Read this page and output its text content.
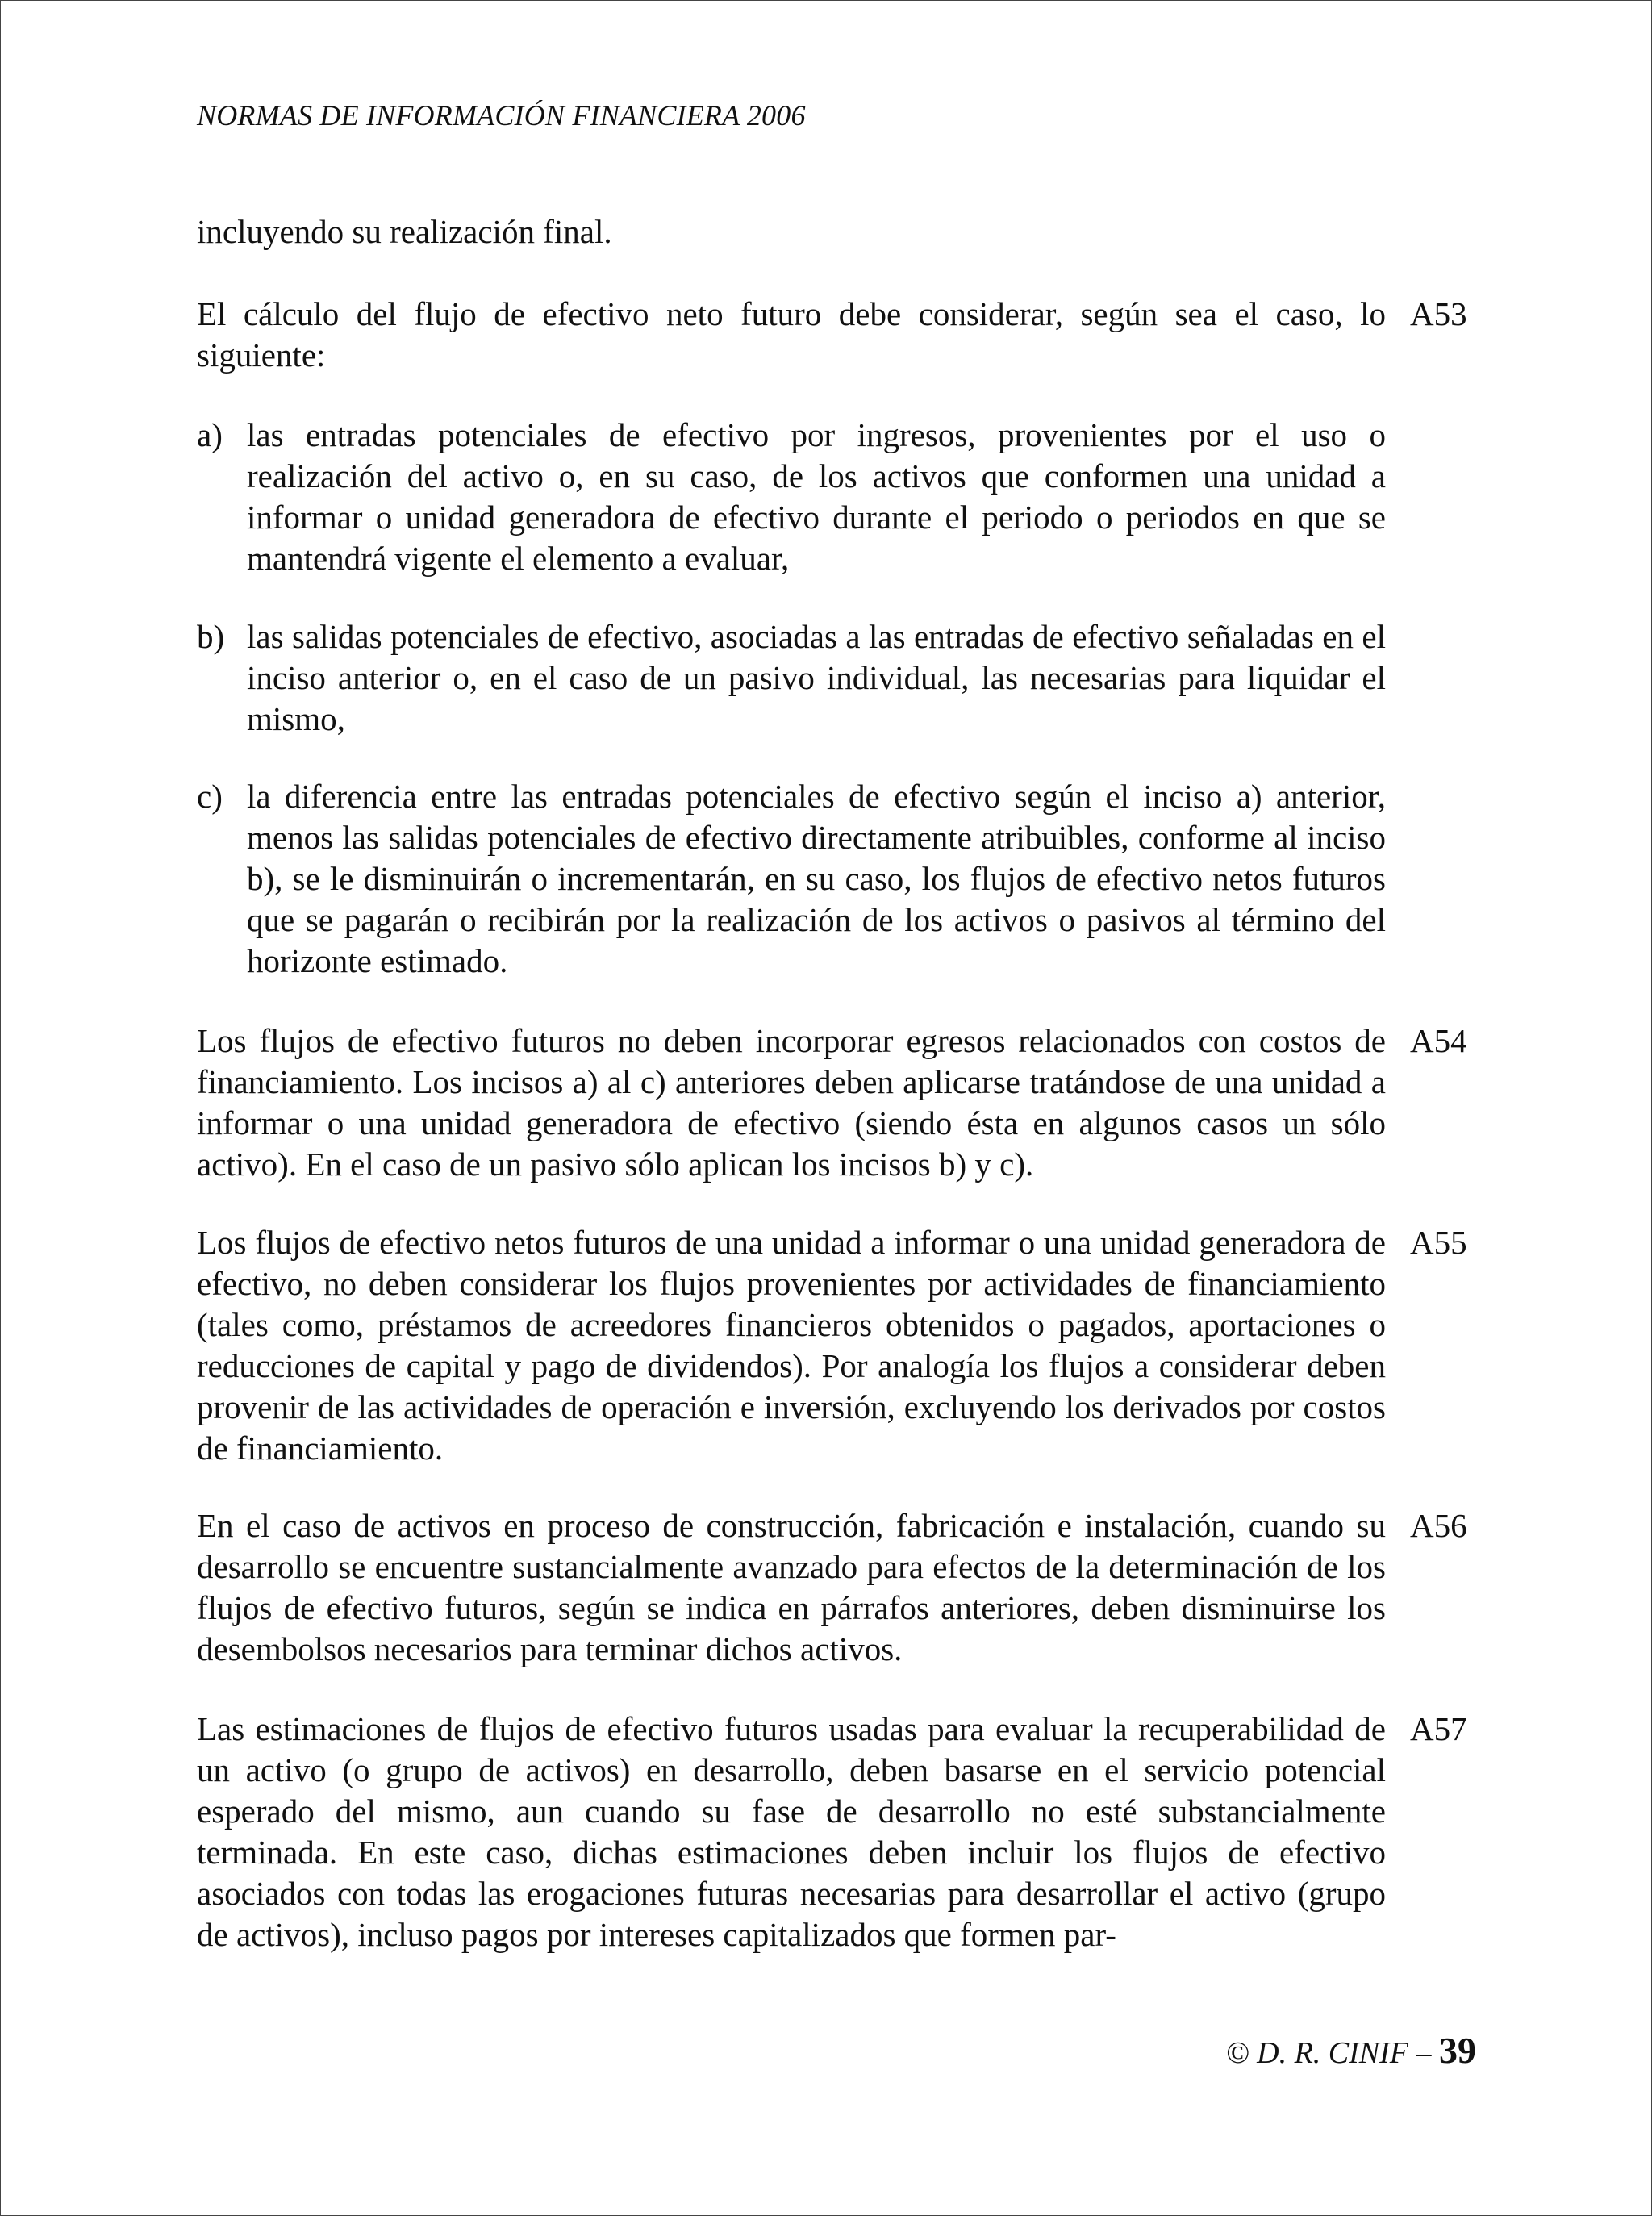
NORMAS DE INFORMACIÓN FINANCIERA 2006
incluyendo su realización final.
El cálculo del flujo de efectivo neto futuro debe considerar, según sea el caso, lo siguiente:
A53
a) las entradas potenciales de efectivo por ingresos, provenientes por el uso o realización del activo o, en su caso, de los activos que conformen una unidad a informar o unidad generadora de efectivo durante el periodo o periodos en que se mantendrá vigente el elemento a evaluar,
b) las salidas potenciales de efectivo, asociadas a las entradas de efectivo señaladas en el inciso anterior o, en el caso de un pasivo individual, las necesarias para liquidar el mismo,
c) la diferencia entre las entradas potenciales de efectivo según el inciso a) anterior, menos las salidas potenciales de efectivo directamente atribuibles, conforme al inciso b), se le disminuirán o incrementarán, en su caso, los flujos de efectivo netos futuros que se pagarán o recibirán por la realización de los activos o pasivos al término del horizonte estimado.
Los flujos de efectivo futuros no deben incorporar egresos relacionados con costos de financiamiento. Los incisos a) al c) anteriores deben aplicarse tratándose de una unidad a informar o una unidad generadora de efectivo (siendo ésta en algunos casos un sólo activo). En el caso de un pasivo sólo aplican los incisos b) y c).
A54
Los flujos de efectivo netos futuros de una unidad a informar o una unidad generadora de efectivo, no deben considerar los flujos provenientes por actividades de financiamiento (tales como, préstamos de acreedores financieros obtenidos o pagados, aportaciones o reducciones de capital y pago de dividendos). Por analogía los flujos a considerar deben provenir de las actividades de operación e inversión, excluyendo los derivados por costos de financiamiento.
A55
En el caso de activos en proceso de construcción, fabricación e instalación, cuando su desarrollo se encuentre sustancialmente avanzado para efectos de la determinación de los flujos de efectivo futuros, según se indica en párrafos anteriores, deben disminuirse los desembolsos necesarios para terminar dichos activos.
A56
Las estimaciones de flujos de efectivo futuros usadas para evaluar la recuperabilidad de un activo (o grupo de activos) en desarrollo, deben basarse en el servicio potencial esperado del mismo, aun cuando su fase de desarrollo no esté substancialmente terminada. En este caso, dichas estimaciones deben incluir los flujos de efectivo asociados con todas las erogaciones futuras necesarias para desarrollar el activo (grupo de activos), incluso pagos por intereses capitalizados que formen par-
A57
© D. R. CINIF – 39
